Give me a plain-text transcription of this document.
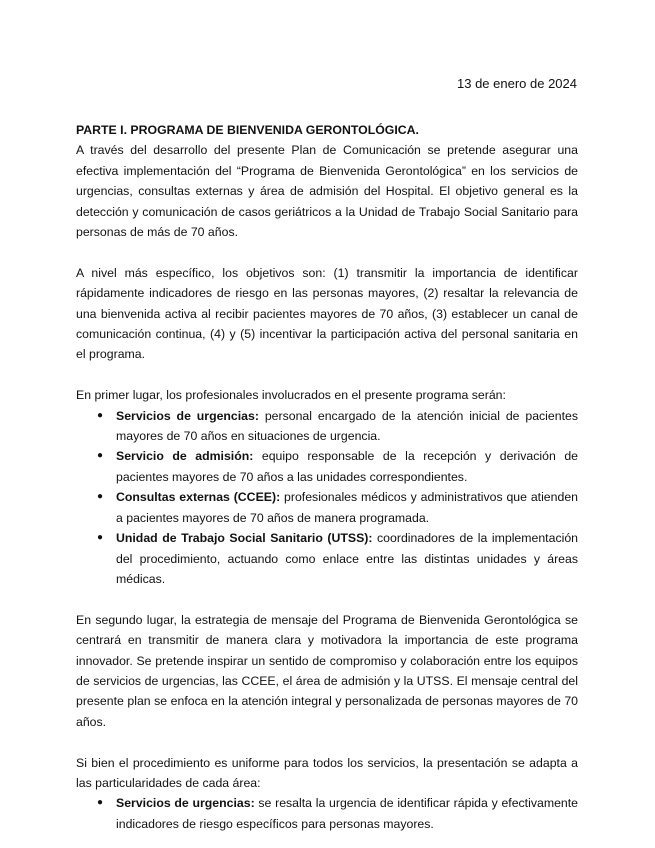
13 de enero de 2024

PARTE I. PROGRAMA DE BIENVENIDA GERONTOLÓGICA.

A través del desarrollo del presente Plan de Comunicación se pretende asegurar una efectiva implementación del “Programa de Bienvenida Gerontológica” en los servicios de urgencias, consultas externas y área de admisión del Hospital. El objetivo general es la detección y comunicación de casos geriátricos a la Unidad de Trabajo Social Sanitario para personas de más de 70 años.

A nivel más específico, los objetivos son: (1) transmitir la importancia de identificar rápidamente indicadores de riesgo en las personas mayores, (2) resaltar la relevancia de una bienvenida activa al recibir pacientes mayores de 70 años, (3) establecer un canal de comunicación continua, (4) y (5) incentivar la participación activa del personal sanitaria en el programa.

En primer lugar, los profesionales involucrados en el presente programa serán:

● Servicios de urgencias: personal encargado de la atención inicial de pacientes mayores de 70 años en situaciones de urgencia.
● Servicio de admisión: equipo responsable de la recepción y derivación de pacientes mayores de 70 años a las unidades correspondientes.
● Consultas externas (CCEE): profesionales médicos y administrativos que atienden a pacientes mayores de 70 años de manera programada.
● Unidad de Trabajo Social Sanitario (UTSS): coordinadores de la implementación del procedimiento, actuando como enlace entre las distintas unidades y áreas médicas.

En segundo lugar, la estrategia de mensaje del Programa de Bienvenida Gerontológica se centrará en transmitir de manera clara y motivadora la importancia de este programa innovador. Se pretende inspirar un sentido de compromiso y colaboración entre los equipos de servicios de urgencias, las CCEE, el área de admisión y la UTSS. El mensaje central del presente plan se enfoca en la atención integral y personalizada de personas mayores de 70 años.

Si bien el procedimiento es uniforme para todos los servicios, la presentación se adapta a las particularidades de cada área:

● Servicios de urgencias: se resalta la urgencia de identificar rápida y efectivamente indicadores de riesgo específicos para personas mayores.
